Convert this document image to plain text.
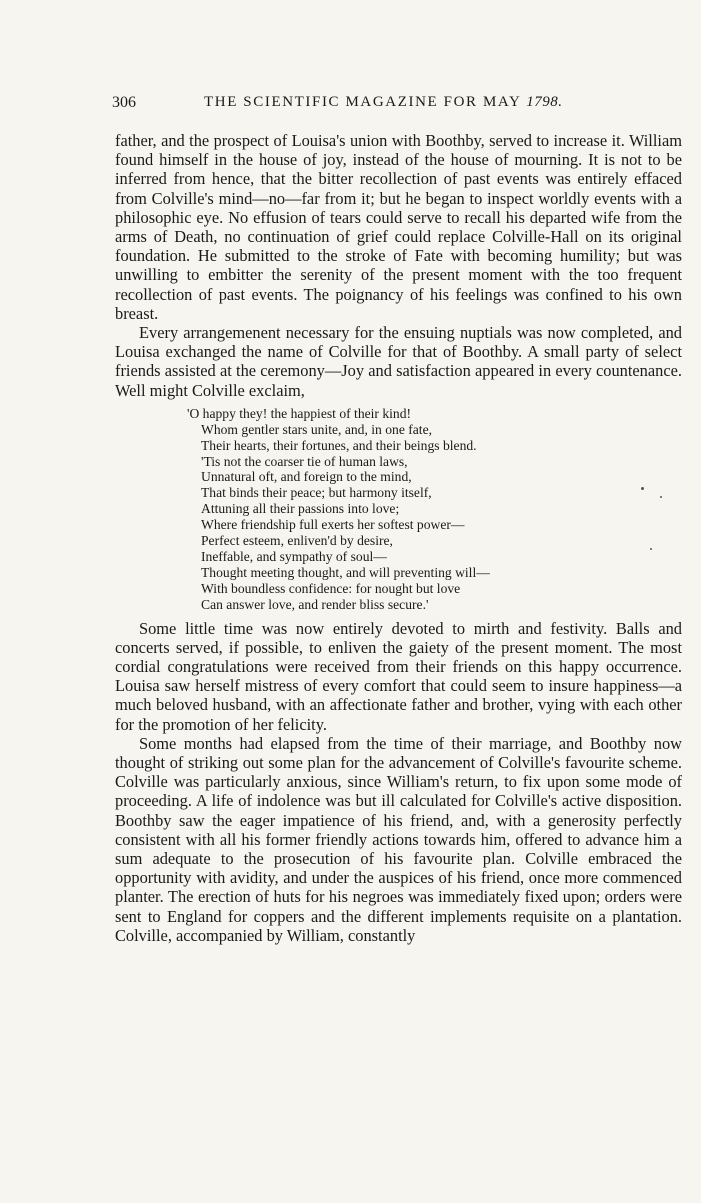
306	THE SCIENTIFIC MAGAZINE FOR MAY 1798.

father, and the prospect of Louisa's union with Boothby, served to increase it. William found himself in the house of joy, instead of the house of mourning. It is not to be inferred from hence, that the bitter recollection of past events was entirely effaced from Colville's mind—no—far from it; but he began to inspect worldly events with a philosophic eye. No effusion of tears could serve to recall his departed wife from the arms of Death, no continuation of grief could replace Colville-Hall on its original foundation. He submitted to the stroke of Fate with becoming humility; but was unwilling to embitter the serenity of the present moment with the too frequent recollection of past events. The poignancy of his feelings was confined to his own breast.

Every arrangemenent necessary for the ensuing nuptials was now completed, and Louisa exchanged the name of Colville for that of Boothby. A small party of select friends assisted at the ceremony—Joy and satisfaction appeared in every countenance. Well might Colville exclaim,

'O happy they! the happiest of their kind!
Whom gentler stars unite, and, in one fate,
Their hearts, their fortunes, and their beings blend.
'Tis not the coarser tie of human laws,
Unnatural oft, and foreign to the mind,
That binds their peace; but harmony itself,
Attuning all their passions into love;
Where friendship full exerts her softest power—
Perfect esteem, enliven'd by desire,
Ineffable, and sympathy of soul—
Thought meeting thought, and will preventing will—
With boundless confidence: for nought but love
Can answer love, and render bliss secure.'

Some little time was now entirely devoted to mirth and festivity. Balls and concerts served, if possible, to enliven the gaiety of the present moment. The most cordial congratulations were received from their friends on this happy occurrence. Louisa saw herself mistress of every comfort that could seem to insure happiness—a much beloved husband, with an affectionate father and brother, vying with each other for the promotion of her felicity.

Some months had elapsed from the time of their marriage, and Boothby now thought of striking out some plan for the advancement of Colville's favourite scheme. Colville was particularly anxious, since William's return, to fix upon some mode of proceeding. A life of indolence was but ill calculated for Colville's active disposition. Boothby saw the eager impatience of his friend, and, with a generosity perfectly consistent with all his former friendly actions towards him, offered to advance him a sum adequate to the prosecution of his favourite plan. Colville embraced the opportunity with avidity, and under the auspices of his friend, once more commenced planter. The erection of huts for his negroes was immediately fixed upon; orders were sent to England for coppers and the different implements requisite on a plantation. Colville, accompanied by William, constantly
